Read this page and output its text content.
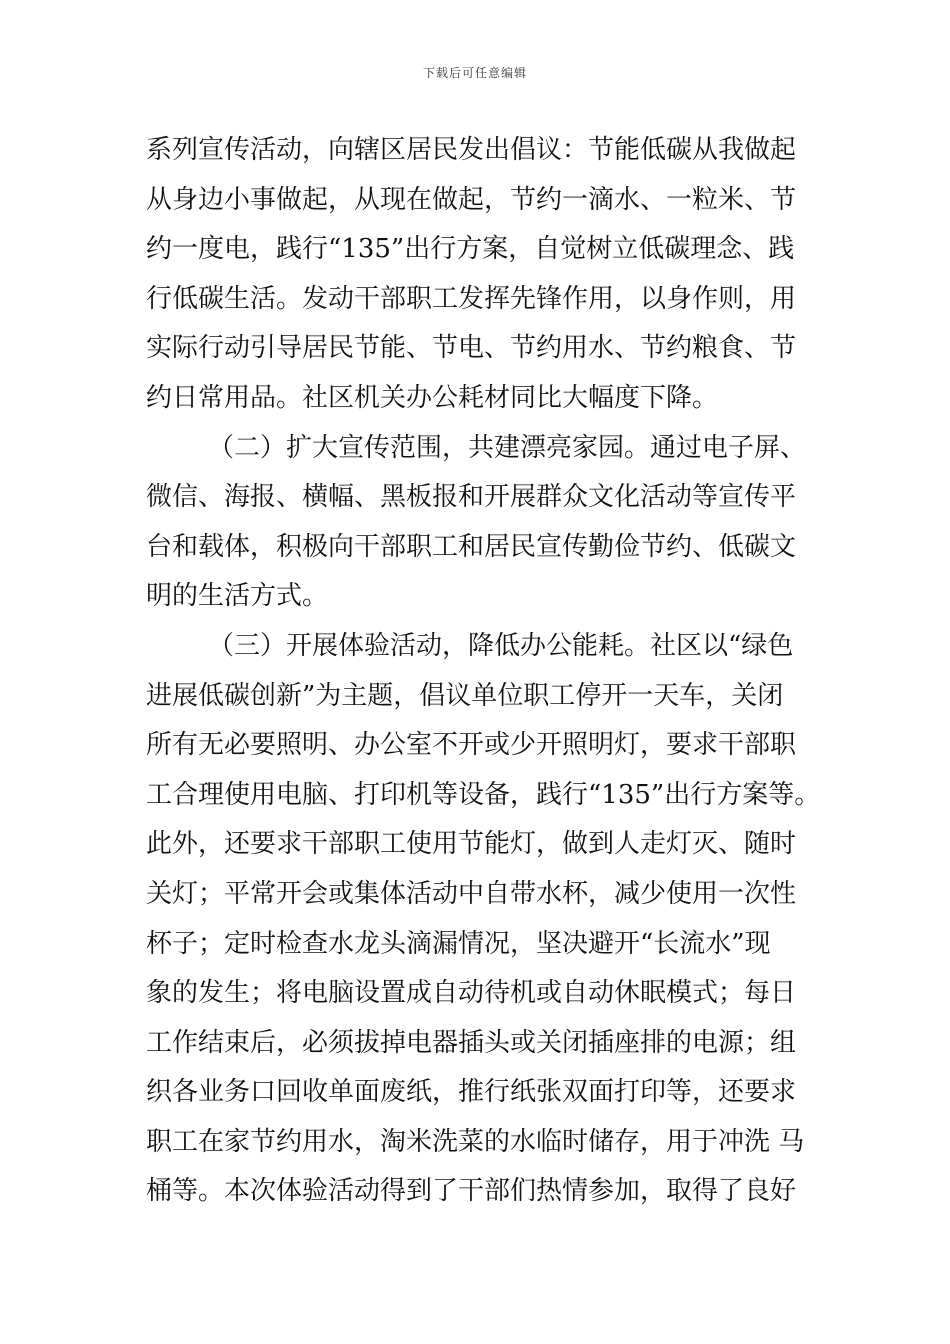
下载后可任意编辑
系列宣传活动，向辖区居民发出倡议：节能低碳从我做起
从身边小事做起，从现在做起，节约一滴水、一粒米、节
约一度电，践行“135”出行方案，自觉树立低碳理念、践
行低碳生活。发动干部职工发挥先锋作用，以身作则，用
实际行动引导居民节能、节电、节约用水、节约粮食、节
约日常用品。社区机关办公耗材同比大幅度下降。
（二）扩大宣传范围，共建漂亮家园。通过电子屏、
微信、海报、横幅、黑板报和开展群众文化活动等宣传平
台和载体，积极向干部职工和居民宣传勤俭节约、低碳文
明的生活方式。
（三）开展体验活动，降低办公能耗。社区以“绿色
进展低碳创新”为主题，倡议单位职工停开一天车，关闭
所有无必要照明、办公室不开或少开照明灯，要求干部职
工合理使用电脑、打印机等设备，践行“135”出行方案等。
此外，还要求干部职工使用节能灯，做到人走灯灭、随时
关灯；平常开会或集体活动中自带水杯，减少使用一次性
杯子；定时检查水龙头滴漏情况，坚决避开“长流水”现
象的发生；将电脑设置成自动待机或自动休眠模式；每日
工作结束后，必须拔掉电器插头或关闭插座排的电源；组
织各业务口回收单面废纸，推行纸张双面打印等，还要求
职工在家节约用水，淘米洗菜的水临时储存，用于冲洗 马
桶等。本次体验活动得到了干部们热情参加，取得了良好
